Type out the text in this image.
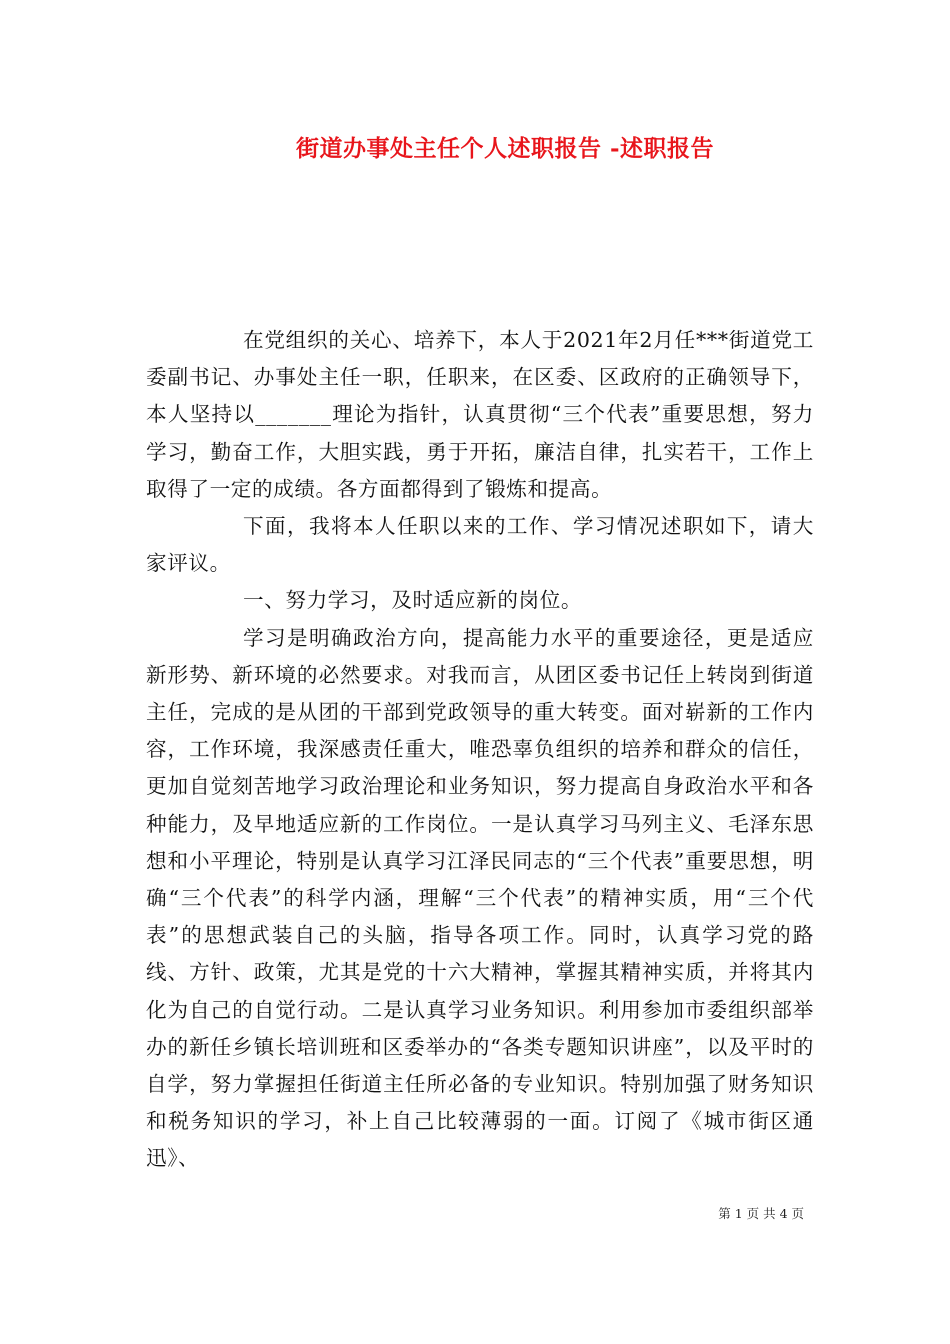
街道办事处主任个人述职报告 -述职报告

在党组织的关心、培养下，本人于2021年2月任***街道党工委副书记、办事处主任一职，任职来，在区委、区政府的正确领导下，本人坚持以_______理论为指针，认真贯彻“三个代表”重要思想，努力学习，勤奋工作，大胆实践，勇于开拓，廉洁自律，扎实若干，工作上取得了一定的成绩。各方面都得到了锻炼和提高。

下面，我将本人任职以来的工作、学习情况述职如下，请大家评议。

一、努力学习，及时适应新的岗位。

学习是明确政治方向，提高能力水平的重要途径，更是适应新形势、新环境的必然要求。对我而言，从团区委书记任上转岗到街道主任，完成的是从团的干部到党政领导的重大转变。面对崭新的工作内容，工作环境，我深感责任重大，唯恐辜负组织的培养和群众的信任，更加自觉刻苦地学习政治理论和业务知识，努力提高自身政治水平和各种能力，及早地适应新的工作岗位。一是认真学习马列主义、毛泽东思想和小平理论，特别是认真学习江泽民同志的“三个代表”重要思想，明确“三个代表”的科学内涵，理解“三个代表”的精神实质，用“三个代表”的思想武装自己的头脑，指导各项工作。同时，认真学习党的路线、方针、政策，尤其是党的十六大精神，掌握其精神实质，并将其内化为自己的自觉行动。二是认真学习业务知识。利用参加市委组织部举办的新任乡镇长培训班和区委举办的“各类专题知识讲座”，以及平时的自学，努力掌握担任街道主任所必备的专业知识。特别加强了财务知识和税务知识的学习，补上自己比较薄弱的一面。订阅了《城市街区通迅》、

第 1 页 共 4 页
